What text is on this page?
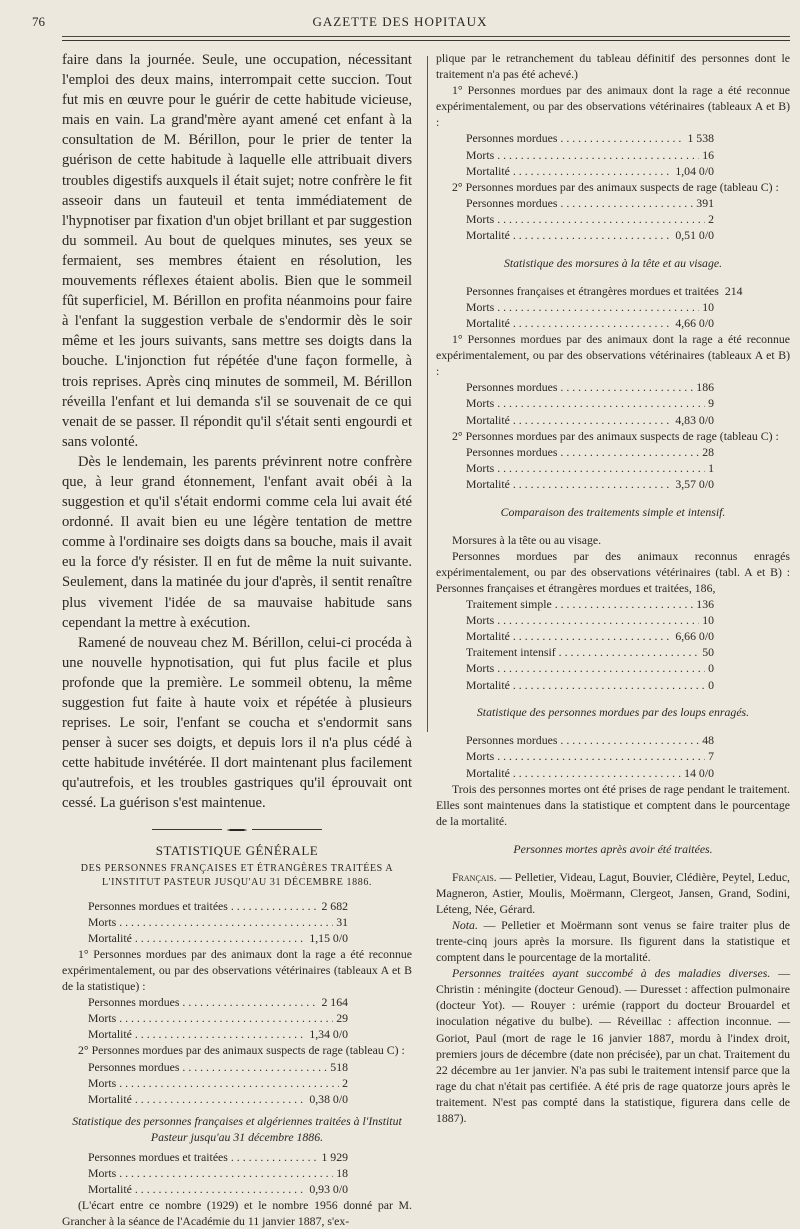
76	GAZETTE DES HOPITAUX

faire dans la journée. Seule, une occupation, nécessitant l'emploi des deux mains, interrompait cette succion. Tout fut mis en œuvre pour le guérir de cette habitude vicieuse, mais en vain. La grand'mère ayant amené cet enfant à la consultation de M. Bérillon, pour le prier de tenter la guérison de cette habitude à laquelle elle attribuait divers troubles digestifs auxquels il était sujet; notre confrère le fit asseoir dans un fauteuil et tenta immédiatement de l'hypnotiser par fixation d'un objet brillant et par suggestion du sommeil. Au bout de quelques minutes, ses yeux se fermaient, ses membres étaient en résolution, les mouvements réflexes étaient abolis. Bien que le sommeil fût superficiel, M. Bérillon en profita néanmoins pour faire à l'enfant la suggestion verbale de s'endormir dès le soir même et les jours suivants, sans mettre ses doigts dans la bouche. L'injonction fut répétée d'une façon formelle, à trois reprises. Après cinq minutes de sommeil, M. Bérillon réveilla l'enfant et lui demanda s'il se souvenait de ce qui venait de se passer. Il répondit qu'il s'était senti engourdi et sans volonté.

Dès le lendemain, les parents prévinrent notre confrère que, à leur grand étonnement, l'enfant avait obéi à la suggestion et qu'il s'était endormi comme cela lui avait été ordonné. Il avait bien eu une légère tentation de mettre comme à l'ordinaire ses doigts dans sa bouche, mais il avait eu la force d'y résister. Il en fut de même la nuit suivante. Seulement, dans la matinée du jour d'après, il sentit renaître plus vivement l'idée de sa mauvaise habitude sans cependant la mettre à exécution.

Ramené de nouveau chez M. Bérillon, celui-ci procéda à une nouvelle hypnotisation, qui fut plus facile et plus profonde que la première. Le sommeil obtenu, la même suggestion fut faite à haute voix et répétée à plusieurs reprises. Le soir, l'enfant se coucha et s'endormit sans penser à sucer ses doigts, et depuis lors il n'a plus cédé à cette habitude invétérée. Il dort maintenant plus facilement qu'autrefois, et les troubles gastriques qu'il éprouvait ont cessé. La guérison s'est maintenue.

STATISTIQUE GÉNÉRALE

DES PERSONNES FRANÇAISES ET ÉTRANGÈRES TRAITÉES A L'INSTITUT PASTEUR JUSQU'AU 31 DÉCEMBRE 1886.

Personnes mordues et traitées . . .	2 682
Morts . . .	31
Mortalité . . .	1,15 0/0

1° Personnes mordues par des animaux dont la rage a été reconnue expérimentalement, ou par des observations vétérinaires (tableaux A et B de la statistique) :

Personnes mordues . . .	2 164
Morts . . .	29
Mortalité . . .	1,34 0/0

2° Personnes mordues par des animaux suspects de rage (tableau C) :

Personnes mordues . . .	518
Morts . . .	2
Mortalité . . .	0,38 0/0

Statistique des personnes françaises et algériennes traitées à l'Institut Pasteur jusqu'au 31 décembre 1886.

Personnes mordues et traitées . . .	1 929
Morts . . .	18
Mortalité . . .	0,93 0/0

(L'écart entre ce nombre (1929) et le nombre 1956 donné par M. Grancher à la séance de l'Académie du 11 janvier 1887, s'ex-

plique par le retranchement du tableau définitif des personnes dont le traitement n'a pas été achevé.)

1° Personnes mordues par des animaux dont la rage a été reconnue expérimentalement, ou par des observations vétérinaires (tableaux A et B) :

Personnes mordues . . .	1 538
Morts . . .	16
Mortalité . . .	1,04 0/0

2° Personnes mordues par des animaux suspects de rage (tableau C) :

Personnes mordues . . .	391
Morts . . .	2
Mortalité . . .	0,51 0/0

Statistique des morsures à la tête et au visage.

Personnes françaises et étrangères mordues et traitées 214
Morts . . .	10
Mortalité . . .	4,66 0/0

1° Personnes mordues par des animaux dont la rage a été reconnue expérimentalement, ou par des observations vétérinaires (tableaux A et B) :

Personnes mordues . . .	186
Morts . . .	9
Mortalité . . .	4,83 0/0

2° Personnes mordues par des animaux suspects de rage (tableau C) :

Personnes mordues . . .	28
Morts . . .	1
Mortalité . . .	3,57 0/0

Comparaison des traitements simple et intensif.

Morsures à la tête ou au visage.

Personnes mordues par des animaux reconnus enragés expérimentalement, ou par des observations vétérinaires (tabl. A et B) : Personnes françaises et étrangères mordues et traitées, 186,

Traitement simple . . .	136
Morts . . .	10
Mortalité . . .	6,66 0/0
Traitement intensif . . .	50
Morts . . .	0
Mortalité . . .	0

Statistique des personnes mordues par des loups enragés.

Personnes mordues . . .	48
Morts . . .	7
Mortalité . . .	14 0/0

Trois des personnes mortes ont été prises de rage pendant le traitement. Elles sont maintenues dans la statistique et comptent dans le pourcentage de la mortalité.

Personnes mortes après avoir été traitées.

Français. — Pelletier, Videau, Lagut, Bouvier, Clédière, Peytel, Leduc, Magneron, Astier, Moulis, Moërmann, Clergeot, Jansen, Grand, Sodini, Léteng, Née, Gérard.

Nota. — Pelletier et Moërmann sont venus se faire traiter plus de trente-cinq jours après la morsure. Ils figurent dans la statistique et comptent dans le pourcentage de la mortalité.

Personnes traitées ayant succombé à des maladies diverses. — Christin : méningite (docteur Genoud). — Duresset : affection pulmonaire (docteur Yot). — Rouyer : urémie (rapport du docteur Brouardel et inoculation négative du bulbe). — Réveillac : affection inconnue. — Goriot, Paul (mort de rage le 16 janvier 1887, mordu à l'index droit, premiers jours de décembre (date non précisée), par un chat. Traitement du 22 décembre au 1er janvier. N'a pas subi le traitement intensif parce que la rage du chat n'était pas certifiée. A été pris de rage quatorze jours après le traitement. N'est pas compté dans la statistique, figurera dans celle de 1887).
